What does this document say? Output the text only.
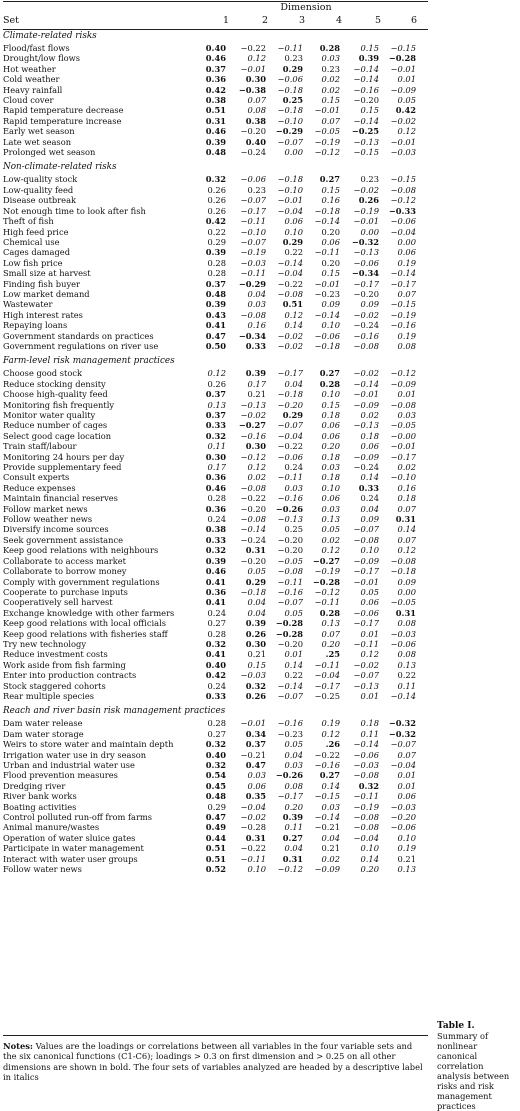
Dimension
Set	1	2	3	4	5	6
Climate-related risks
Flood/fast flows	0.40	−0.22	−0.11	0.28	0.15	−0.15
Drought/low flows	0.46	0.12	0.23	0.03	0.39	−0.28
Hot weather	0.37	−0.01	0.29	0.23	−0.14	−0.01
Cold weather	0.36	0.30	−0.06	0.02	−0.14	0.01
Heavy rainfall	0.42	−0.38	−0.18	0.02	−0.16	−0.09
Cloud cover	0.38	0.07	0.25	0.15	−0.20	0.05
Rapid temperature decrease	0.51	0.08	−0.18	−0.01	0.15	0.42
Rapid temperature increase	0.31	0.38	−0.10	0.07	−0.14	−0.02
Early wet season	0.46	−0.20	−0.29	−0.05	−0.25	0.12
Late wet season	0.39	0.40	−0.07	−0.19	−0.13	−0.01
Prolonged wet season	0.48	−0.24	0.00	−0.12	−0.15	−0.03
Non-climate-related risks
Low-quality stock	0.32	−0.06	−0.18	0.27	0.23	−0.15
Low-quality feed	0.26	0.23	−0.10	0.15	−0.02	−0.08
Disease outbreak	0.26	−0.07	−0.01	0.16	0.26	−0.12
Not enough time to look after fish	0.26	−0.17	−0.04	−0.18	−0.19	−0.33
Theft of fish	0.42	−0.11	0.06	−0.14	−0.01	−0.06
High feed price	0.22	−0.10	0.10	0.20	0.00	−0.04
Chemical use	0.29	−0.07	0.29	0.06	−0.32	0.00
Cages damaged	0.39	−0.19	0.22	−0.11	−0.13	0.06
Low fish price	0.28	−0.03	−0.14	0.20	−0.06	0.19
Small size at harvest	0.28	−0.11	−0.04	0.15	−0.34	−0.14
Finding fish buyer	0.37	−0.29	−0.22	−0.01	−0.17	−0.17
Low market demand	0.48	0.04	−0.08	−0.23	−0.20	0.07
Wastewater	0.39	0.03	0.51	0.09	0.09	−0.15
High interest rates	0.43	−0.08	0.12	−0.14	−0.02	−0.19
Repaying loans	0.41	0.16	0.14	0.10	−0.24	−0.16
Government standards on practices	0.47	−0.34	−0.02	−0.06	−0.16	0.19
Government regulations on river use	0.50	0.33	−0.02	−0.18	−0.08	0.08
Farm-level risk management practices
Choose good stock	0.12	0.39	−0.17	0.27	−0.02	−0.12
Reduce stocking density	0.26	0.17	0.04	0.28	−0.14	−0.09
Choose high-quality feed	0.37	0.21	−0.18	0.10	−0.01	0.01
Monitoring fish frequently	0.13	−0.13	−0.20	0.15	−0.09	−0.08
Monitor water quality	0.37	−0.02	0.29	0.18	0.02	0.03
Reduce number of cages	0.33	−0.27	−0.07	0.06	−0.13	−0.05
Select good cage location	0.32	−0.16	−0.04	0.06	0.18	−0.00
Train staff/labour	0.11	0.30	−0.22	0.20	0.06	−0.01
Monitoring 24 hours per day	0.30	−0.12	−0.06	0.18	−0.09	−0.17
Provide supplementary feed	0.17	0.12	0.24	0.03	−0.24	0.02
Consult experts	0.36	0.02	−0.11	0.18	0.14	−0.10
Reduce expenses	0.46	−0.08	0.03	0.10	0.33	0.16
Maintain financial reserves	0.28	−0.22	−0.16	0.06	0.24	0.18
Follow market news	0.36	−0.20	−0.26	0.03	0.04	0.07
Follow weather news	0.24	−0.08	−0.13	0.13	0.09	0.31
Diversify income sources	0.38	−0.14	0.25	0.05	−0.07	0.14
Seek government assistance	0.33	−0.24	−0.20	0.02	−0.08	0.07
Keep good relations with neighbours	0.32	0.31	−0.20	0.12	0.10	0.12
Collaborate to access market	0.39	−0.20	−0.05	−0.27	−0.09	−0.08
Collaborate to borrow money	0.46	0.05	−0.08	−0.19	−0.17	−0.18
Comply with government regulations	0.41	0.29	−0.11	−0.28	−0.01	0.09
Cooperate to purchase inputs	0.36	−0.18	−0.16	−0.12	0.05	0.00
Cooperatively sell harvest	0.41	0.04	−0.07	−0.11	0.06	−0.05
Exchange knowledge with other farmers	0.24	0.04	0.05	0.28	−0.06	0.31
Keep good relations with local officials	0.27	0.39	−0.28	0.13	−0.17	0.08
Keep good relations with fisheries staff	0.28	0.26	−0.28	0.07	0.01	−0.03
Try new technology	0.32	0.30	−0.20	0.20	−0.11	−0.06
Reduce investment costs	0.41	0.21	0.01	.25	0.12	0.08
Work aside from fish farming	0.40	0.15	0.14	−0.11	−0.02	0.13
Enter into production contracts	0.42	−0.03	0.22	−0.04	−0.07	0.22
Stock staggered cohorts	0.24	0.32	−0.14	−0.17	−0.13	0.11
Rear multiple species	0.33	0.26	−0.07	−0.25	0.01	−0.14
Reach and river basin risk management practices
Dam water release	0.28	−0.01	−0.16	0.19	0.18	−0.32
Dam water storage	0.27	0.34	−0.23	0.12	0.11	−0.32
Weirs to store water and maintain depth	0.32	0.37	0.05	.26	−0.14	−0.07
Irrigation water use in dry season	0.40	−0.21	0.04	−0.22	−0.06	0.07
Urban and industrial water use	0.32	0.47	0.03	−0.16	−0.03	−0.04
Flood prevention measures	0.54	0.03	−0.26	0.27	−0.08	0.01
Dredging river	0.45	0.06	0.08	0.14	0.32	0.01
River bank works	0.48	0.35	−0.17	−0.15	−0.11	0.06
Boating activities	0.29	−0.04	0.20	0.03	−0.19	−0.03
Control polluted run-off from farms	0.47	−0.02	0.39	−0.14	−0.08	−0.20
Animal manure/wastes	0.49	−0.28	0.11	−0.21	−0.08	−0.06
Operation of water sluice gates	0.44	0.31	0.27	0.04	−0.04	0.10
Participate in water management	0.51	−0.22	0.04	0.21	0.10	0.19
Interact with water user groups	0.51	−0.11	0.31	0.02	0.14	0.21
Follow water news	0.52	0.10	−0.12	−0.09	0.20	0.13
Notes: Values are the loadings or correlations between all variables in the four variable sets and the six canonical functions (C1-C6); loadings > 0.3 on first dimension and > 0.25 on all other dimensions are shown in bold. The four sets of variables analyzed are headed by a descriptive label in italics
Table I.
Summary of nonlinear canonical correlation analysis between risks and risk management practices
